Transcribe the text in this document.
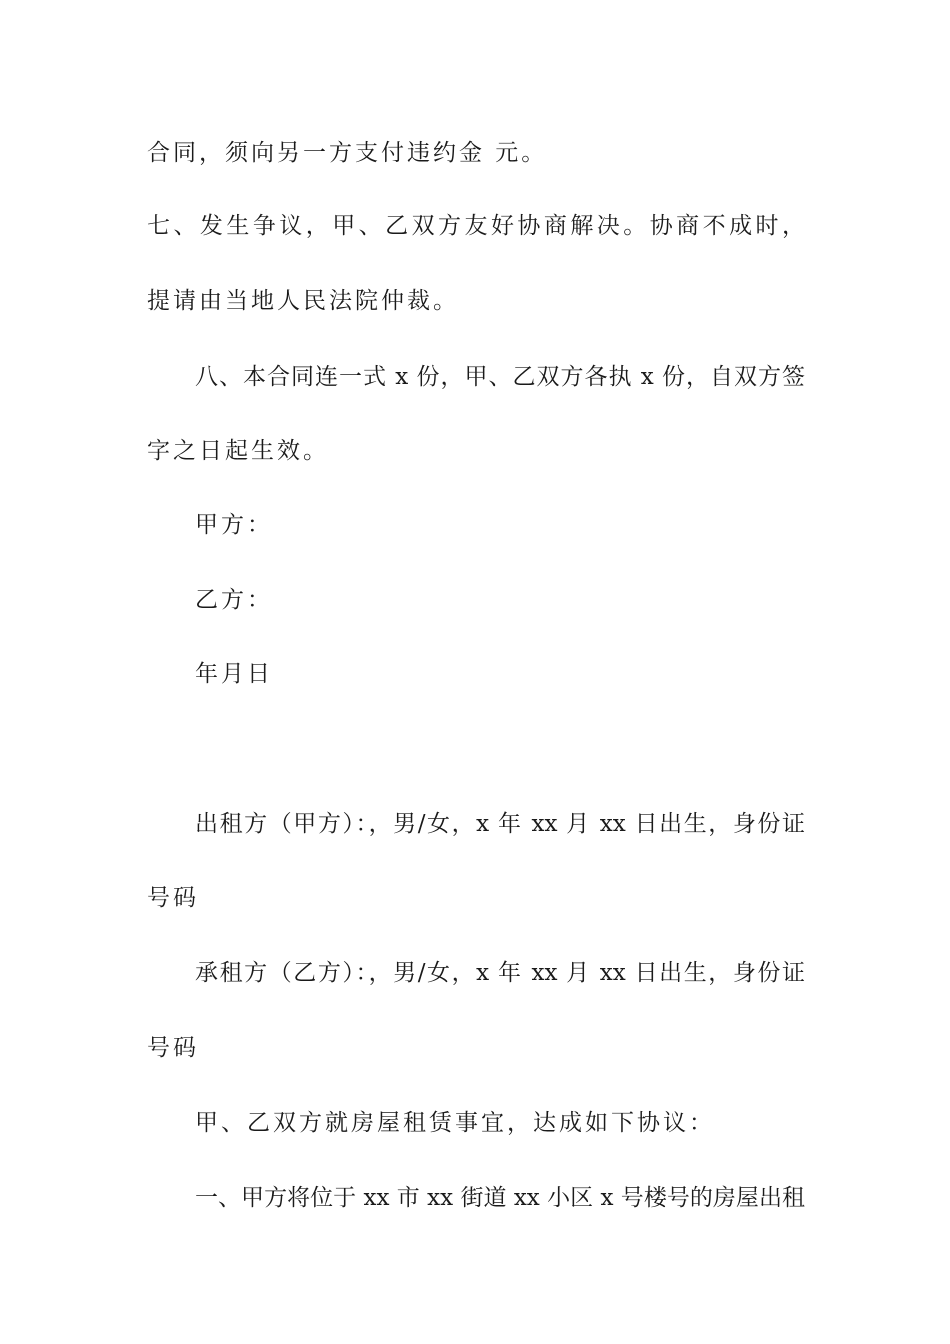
合同，须向另一方支付违约金 元。
七、发生争议，甲、乙双方友好协商解决。协商不成时，
提请由当地人民法院仲裁。
八、本合同连一式 x 份，甲、乙双方各执 x 份，自双方签
字之日起生效。
甲方：
乙方：
年月日
出租方（甲方）：，男/女，x 年 xx 月 xx 日出生，身份证
号码
承租方（乙方）：，男/女，x 年 xx 月 xx 日出生，身份证
号码
甲、乙双方就房屋租赁事宜，达成如下协议：
一、甲方将位于 xx 市 xx 街道 xx 小区 x 号楼号的房屋出租
